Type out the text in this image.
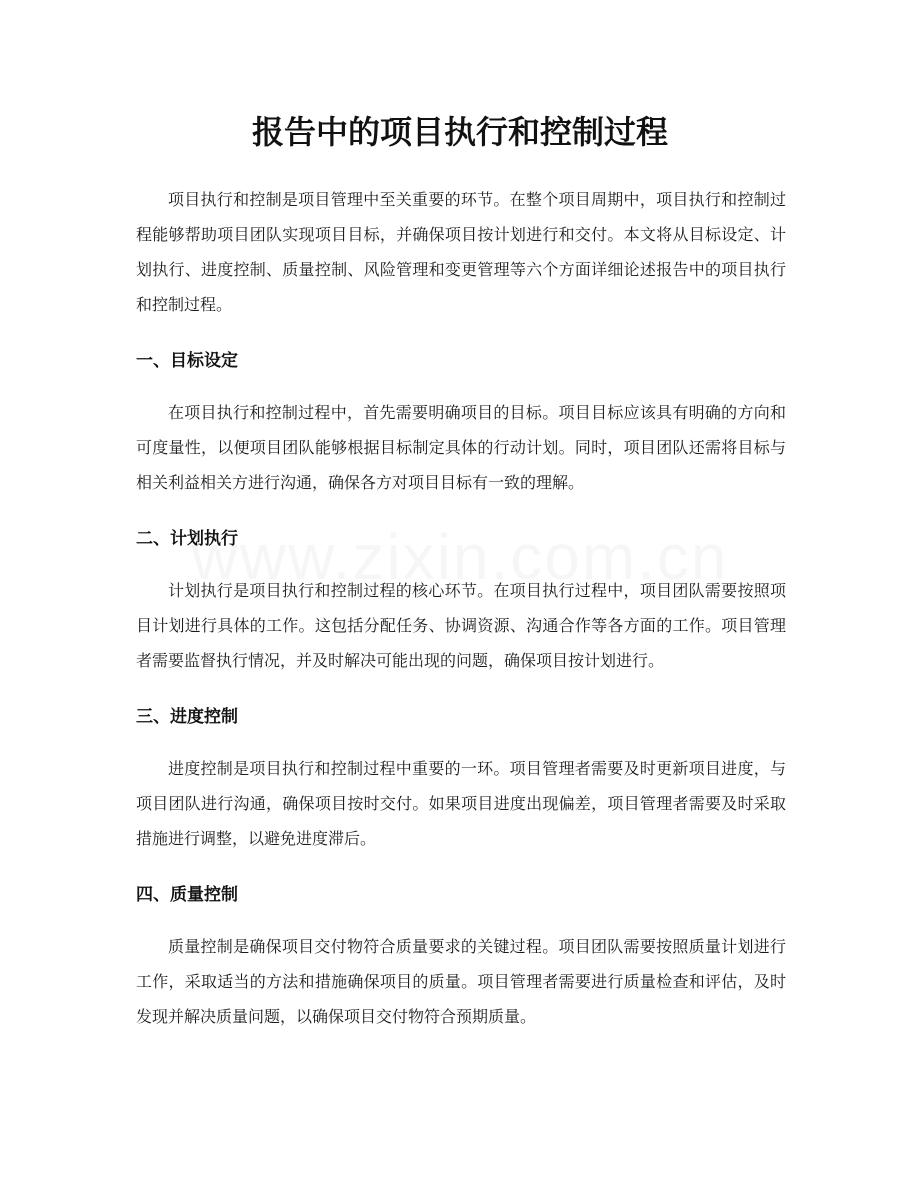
报告中的项目执行和控制过程

项目执行和控制是项目管理中至关重要的环节。在整个项目周期中，项目执行和控制过程能够帮助项目团队实现项目目标，并确保项目按计划进行和交付。本文将从目标设定、计划执行、进度控制、质量控制、风险管理和变更管理等六个方面详细论述报告中的项目执行和控制过程。

一、目标设定

在项目执行和控制过程中，首先需要明确项目的目标。项目目标应该具有明确的方向和可度量性，以便项目团队能够根据目标制定具体的行动计划。同时，项目团队还需将目标与相关利益相关方进行沟通，确保各方对项目目标有一致的理解。

二、计划执行

计划执行是项目执行和控制过程的核心环节。在项目执行过程中，项目团队需要按照项目计划进行具体的工作。这包括分配任务、协调资源、沟通合作等各方面的工作。项目管理者需要监督执行情况，并及时解决可能出现的问题，确保项目按计划进行。

三、进度控制

进度控制是项目执行和控制过程中重要的一环。项目管理者需要及时更新项目进度，与项目团队进行沟通，确保项目按时交付。如果项目进度出现偏差，项目管理者需要及时采取措施进行调整，以避免进度滞后。

四、质量控制

质量控制是确保项目交付物符合质量要求的关键过程。项目团队需要按照质量计划进行工作，采取适当的方法和措施确保项目的质量。项目管理者需要进行质量检查和评估，及时发现并解决质量问题，以确保项目交付物符合预期质量。
